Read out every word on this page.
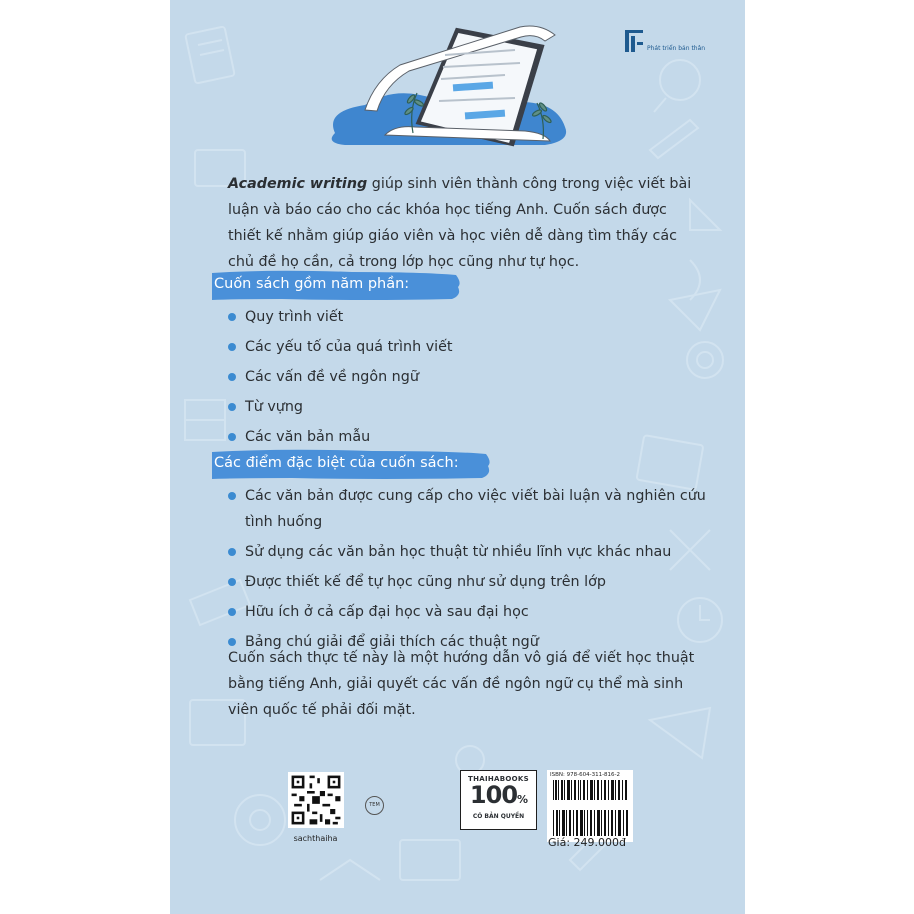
Phát triển bản thân
Academic writing giúp sinh viên thành công trong việc viết bài luận và báo cáo cho các khóa học tiếng Anh. Cuốn sách được thiết kế nhằm giúp giáo viên và học viên dễ dàng tìm thấy các chủ đề họ cần, cả trong lớp học cũng như tự học.
Cuốn sách gồm năm phần:
Quy trình viết
Các yếu tố của quá trình viết
Các vấn đề về ngôn ngữ
Từ vựng
Các văn bản mẫu
Các điểm đặc biệt của cuốn sách:
Các văn bản được cung cấp cho việc viết bài luận và nghiên cứu tình huống
Sử dụng các văn bản học thuật từ nhiều lĩnh vực khác nhau
Được thiết kế để tự học cũng như sử dụng trên lớp
Hữu ích ở cả cấp đại học và sau đại học
Bảng chú giải để giải thích các thuật ngữ
Cuốn sách thực tế này là một hướng dẫn vô giá để viết học thuật bằng tiếng Anh, giải quyết các vấn đề ngôn ngữ cụ thể mà sinh viên quốc tế phải đối mặt.
sachthaiha
TEM
THAIHABOOKS
100%
CÓ BẢN QUYỀN
ISBN: 978-604-311-816-2
Giá: 249.000đ
